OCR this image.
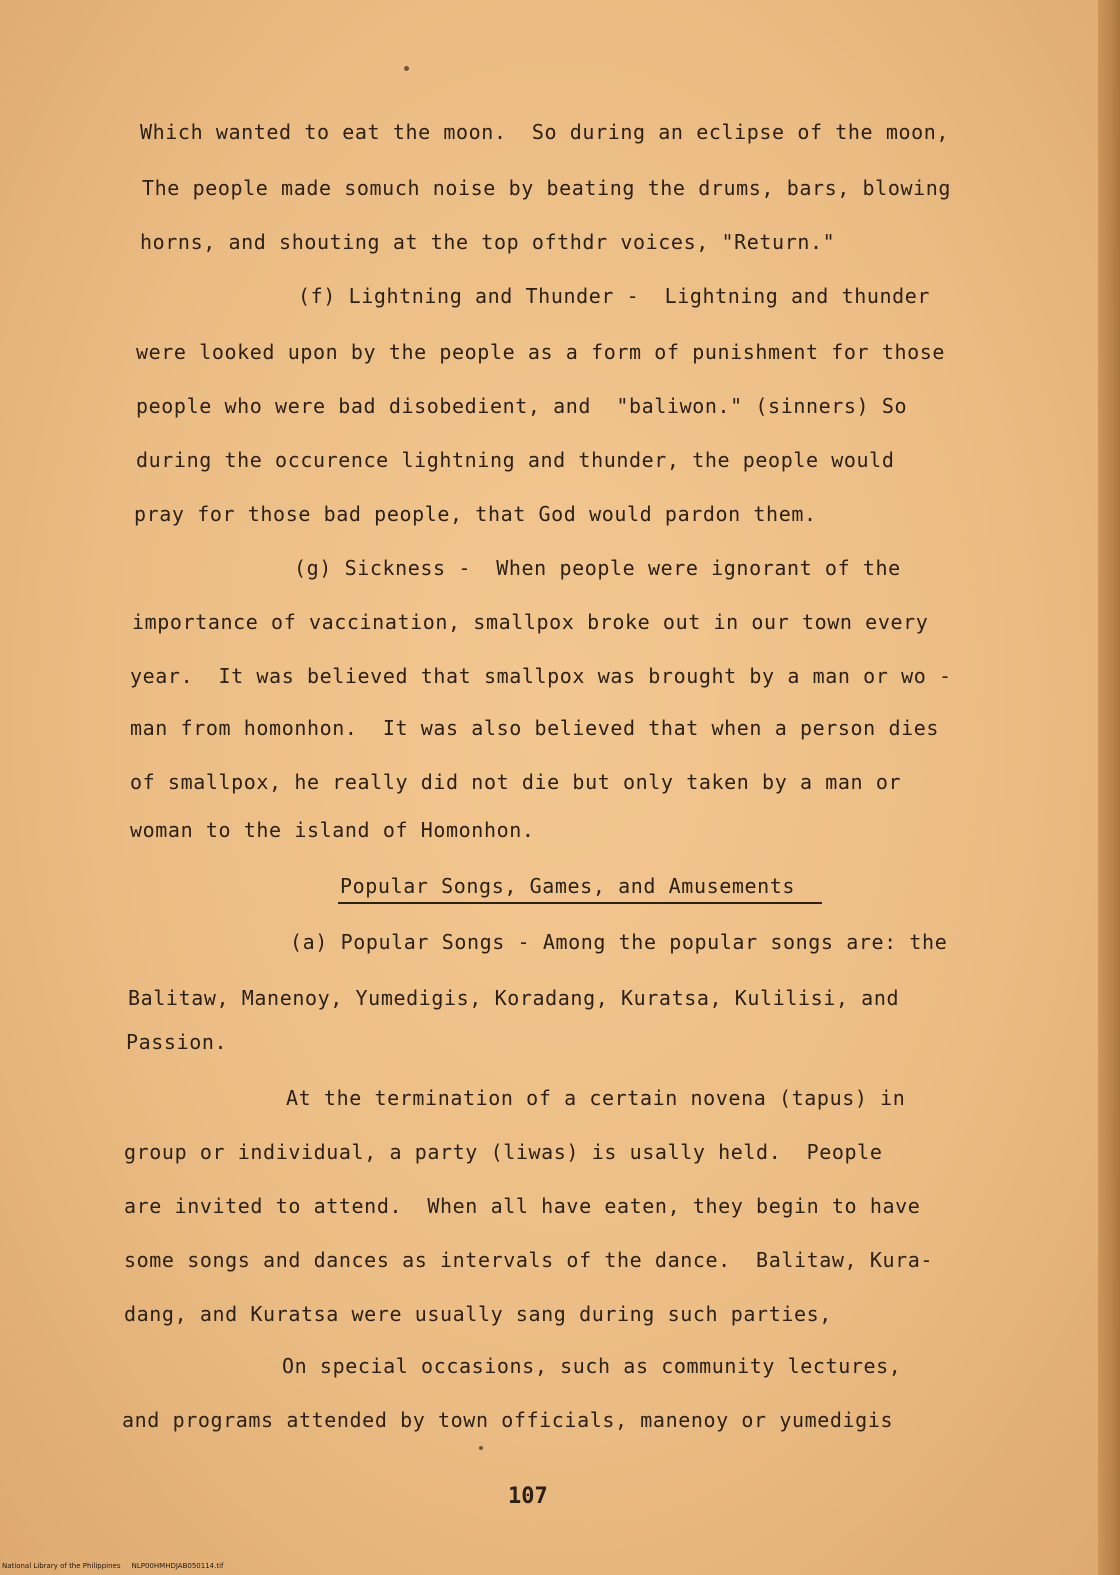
Which wanted to eat the moon.  So during an eclipse of the moon,
The people made somuch noise by beating the drums, bars, blowing
horns, and shouting at the top ofthdr voices, "Return."
(f) Lightning and Thunder -  Lightning and thunder
were looked upon by the people as a form of punishment for those
people who were bad disobedient, and  "baliwon." (sinners) So
during the occurence lightning and thunder, the people would
pray for those bad people, that God would pardon them.
(g) Sickness -  When people were ignorant of the
importance of vaccination, smallpox broke out in our town every
year.  It was believed that smallpox was brought by a man or wo -
man from homonhon.  It was also believed that when a person dies
of smallpox, he really did not die but only taken by a man or
woman to the island of Homonhon.
Popular Songs, Games, and Amusements
(a) Popular Songs - Among the popular songs are: the
Balitaw, Manenoy, Yumedigis, Koradang, Kuratsa, Kulilisi, and
Passion.
At the termination of a certain novena (tapus) in
group or individual, a party (liwas) is usally held.  People
are invited to attend.  When all have eaten, they begin to have
some songs and dances as intervals of the dance.  Balitaw, Kura-
dang, and Kuratsa were usually sang during such parties,
On special occasions, such as community lectures,
and programs attended by town officials, manenoy or yumedigis
107
National Library of the Philippines     NLP00HMHDJAB050114.tif
